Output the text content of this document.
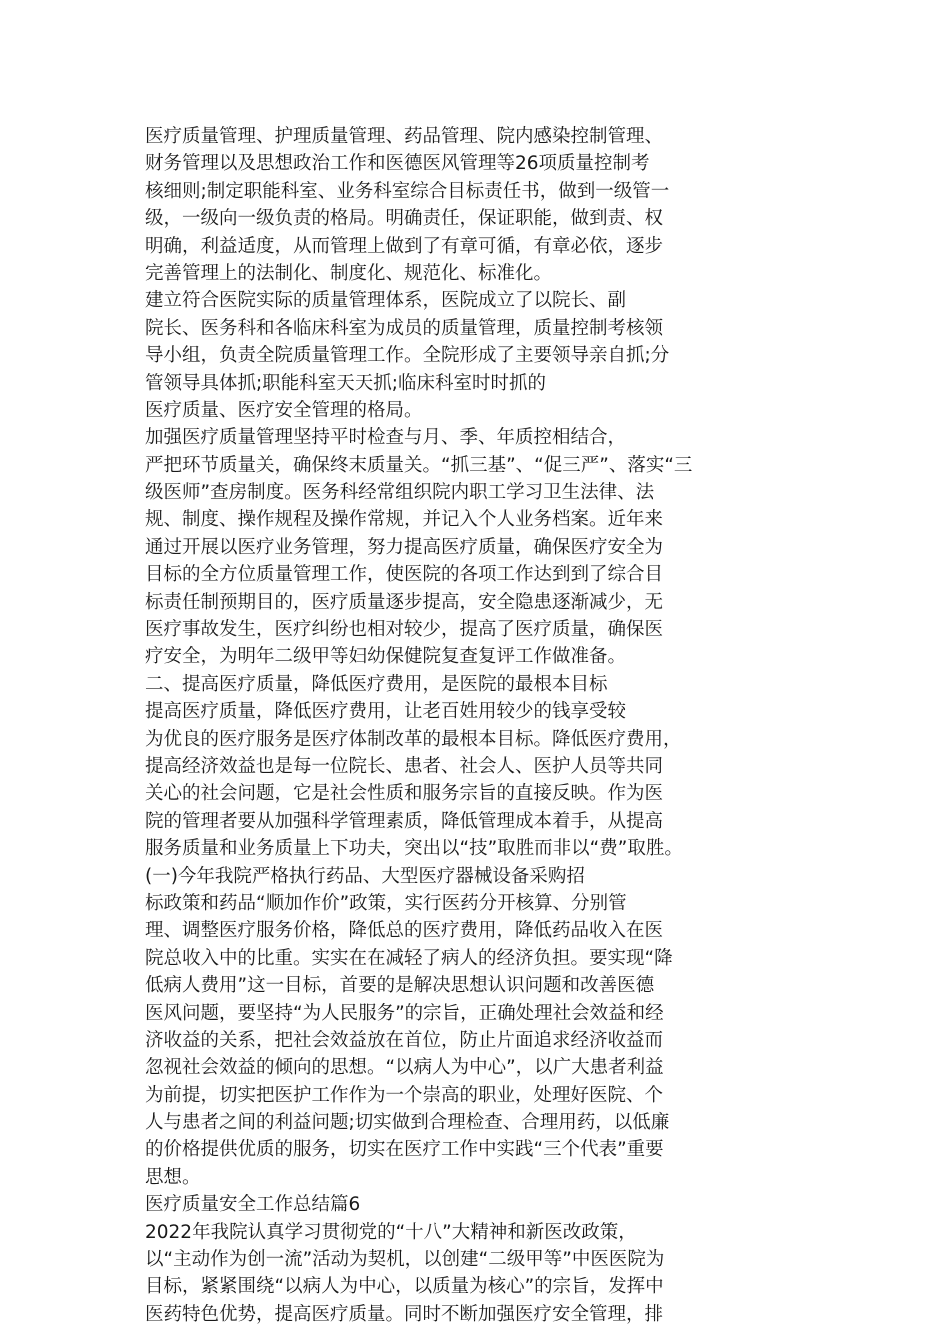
医疗质量管理、护理质量管理、药品管理、院内感染控制管理、
财务管理以及思想政治工作和医德医风管理等26项质量控制考
核细则;制定职能科室、业务科室综合目标责任书，做到一级管一
级，一级向一级负责的格局。明确责任，保证职能，做到责、权
明确，利益适度，从而管理上做到了有章可循，有章必依，逐步
完善管理上的法制化、制度化、规范化、标准化。
建立符合医院实际的质量管理体系，医院成立了以院长、副
院长、医务科和各临床科室为成员的质量管理，质量控制考核领
导小组，负责全院质量管理工作。全院形成了主要领导亲自抓;分
管领导具体抓;职能科室天天抓;临床科室时时抓的
医疗质量、医疗安全管理的格局。
加强医疗质量管理坚持平时检查与月、季、年质控相结合，
严把环节质量关，确保终末质量关。“抓三基”、“促三严”、落实“三
级医师”查房制度。医务科经常组织院内职工学习卫生法律、法
规、制度、操作规程及操作常规，并记入个人业务档案。近年来
通过开展以医疗业务管理，努力提高医疗质量，确保医疗安全为
目标的全方位质量管理工作，使医院的各项工作达到到了综合目
标责任制预期目的，医疗质量逐步提高，安全隐患逐渐减少，无
医疗事故发生，医疗纠纷也相对较少，提高了医疗质量，确保医
疗安全，为明年二级甲等妇幼保健院复查复评工作做准备。
二、提高医疗质量，降低医疗费用，是医院的最根本目标
提高医疗质量，降低医疗费用，让老百姓用较少的钱享受较
为优良的医疗服务是医疗体制改革的最根本目标。降低医疗费用，
提高经济效益也是每一位院长、患者、社会人、医护人员等共同
关心的社会问题，它是社会性质和服务宗旨的直接反映。作为医
院的管理者要从加强科学管理素质，降低管理成本着手，从提高
服务质量和业务质量上下功夫，突出以“技”取胜而非以“费”取胜。
(一)今年我院严格执行药品、大型医疗器械设备采购招
标政策和药品“顺加作价”政策，实行医药分开核算、分别管
理、调整医疗服务价格，降低总的医疗费用，降低药品收入在医
院总收入中的比重。实实在在减轻了病人的经济负担。要实现“降
低病人费用”这一目标，首要的是解决思想认识问题和改善医德
医风问题，要坚持“为人民服务”的宗旨，正确处理社会效益和经
济收益的关系，把社会效益放在首位，防止片面追求经济收益而
忽视社会效益的倾向的思想。“以病人为中心”，以广大患者利益
为前提，切实把医护工作作为一个崇高的职业，处理好医院、个
人与患者之间的利益问题;切实做到合理检查、合理用药，以低廉
的价格提供优质的服务，切实在医疗工作中实践“三个代表”重要
思想。
医疗质量安全工作总结篇6
2022年我院认真学习贯彻党的“十八”大精神和新医改政策，
以“主动作为创一流”活动为契机，以创建“二级甲等”中医医院为
目标，紧紧围绕“以病人为中心，以质量为核心”的宗旨，发挥中
医药特色优势，提高医疗质量。同时不断加强医疗安全管理，排
